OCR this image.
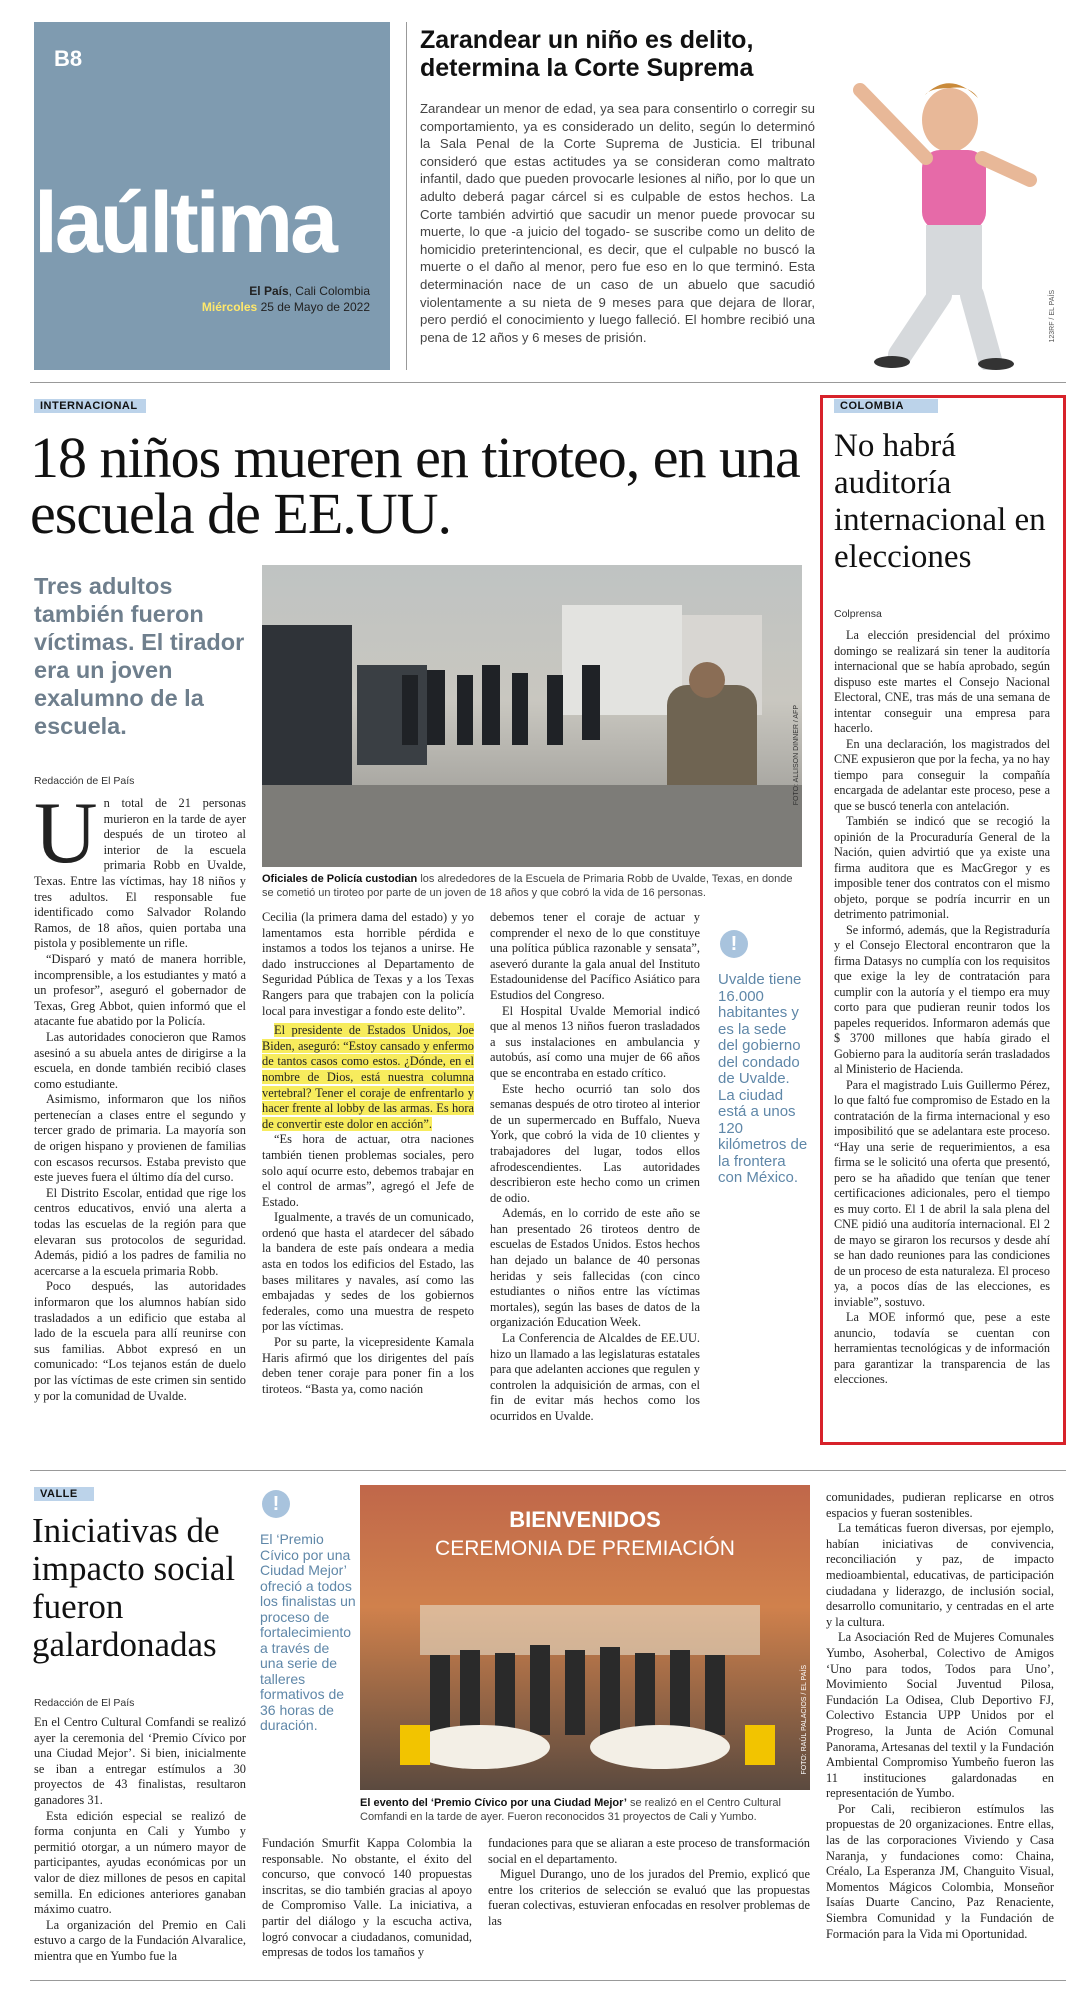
B8
laúltima
El País, Cali Colombia
Miércoles 25 de Mayo de 2022
Zarandear un niño es delito, determina la Corte Suprema
Zarandear un menor de edad, ya sea para consentirlo o corregir su comportamiento, ya es considerado un delito, según lo determinó la Sala Penal de la Corte Suprema de Justicia. El tribunal consideró que estas actitudes ya se consideran como maltrato infantil, dado que pueden provocarle lesiones al niño, por lo que un adulto deberá pagar cárcel si es culpable de estos hechos. La Corte también advirtió que sacudir un menor puede provocar su muerte, lo que -a juicio del togado- se suscribe como un delito de homicidio preterintencional, es decir, que el culpable no buscó la muerte o el daño al menor, pero fue eso en lo que terminó. Esta determinación nace de un caso de un abuelo que sacudió violentamente a su nieta de 9 meses para que dejara de llorar, pero perdió el conocimiento y luego falleció. El hombre recibió una pena de 12 años y 6 meses de prisión.	123RF / EL PAÍS
INTERNACIONAL
18 niños mueren en tiroteo, en una escuela de EE.UU.
Tres adultos también fueron víctimas. El tirador era un joven exalumno de la escuela.
Redacción de El País	FOTO: ALLISON DINNER / AFP
Oficiales de Policía custodian los alrededores de la Escuela de Primaria Robb de Uvalde, Texas, en donde se cometió un tiroteo por parte de un joven de 18 años y que cobró la vida de 16 personas.
U n total de 21 personas murieron en la tarde de ayer después de un tiroteo al interior de la escuela primaria Robb en Uvalde, Texas. Entre las víctimas, hay 18 niños y tres adultos. El responsable fue identificado como Salvador Rolando Ramos, de 18 años, quien portaba una pistola y posiblemente un rifle.

“Disparó y mató de manera horrible, incomprensible, a los estudiantes y mató a un profesor”, aseguró el gobernador de Texas, Greg Abbot, quien informó que el atacante fue abatido por la Policía.

Las autoridades conocieron que Ramos asesinó a su abuela antes de dirigirse a la escuela, en donde también recibió clases como estudiante.

Asimismo, informaron que los niños pertenecían a clases entre el segundo y tercer grado de primaria. La mayoría son de origen hispano y provienen de familias con escasos recursos. Estaba previsto que este jueves fuera el último día del curso.

El Distrito Escolar, entidad que rige los centros educativos, envió una alerta a todas las escuelas de la región para que elevaran sus protocolos de seguridad. Además, pidió a los padres de familia no acercarse a la escuela primaria Robb.

Poco después, las autoridades informaron que los alumnos habían sido trasladados a un edificio que estaba al lado de la escuela para allí reunirse con sus familias. Abbot expresó en un comunicado: “Los tejanos están de duelo por las víctimas de este crimen sin sentido y por la comunidad de Uvalde.

Cecilia (la primera dama del estado) y yo lamentamos esta horrible pérdida e instamos a todos los tejanos a unirse. He dado instrucciones al Departamento de Seguridad Pública de Texas y a los Texas Rangers para que trabajen con la policía local para investigar a fondo este delito”.

El presidente de Estados Unidos, Joe Biden, aseguró: “Estoy cansado y enfermo de tantos casos como estos. ¿Dónde, en el nombre de Dios, está nuestra columna vertebral? Tener el coraje de enfrentarlo y hacer frente al lobby de las armas. Es hora de convertir este dolor en acción”.

“Es hora de actuar, otra naciones también tienen problemas sociales, pero solo aquí ocurre esto, debemos trabajar en el control de armas”, agregó el Jefe de Estado.

Igualmente, a través de un comunicado, ordenó que hasta el atardecer del sábado la bandera de este país ondeara a media asta en todos los edificios del Estado, las bases militares y navales, así como las embajadas y sedes de los gobiernos federales, como una muestra de respeto por las víctimas.

Por su parte, la vicepresidente Kamala Haris afirmó que los dirigentes del país deben tener coraje para poner fin a los tiroteos. “Basta ya, como nación

debemos tener el coraje de actuar y comprender el nexo de lo que constituye una política pública razonable y sensata”, aseveró durante la gala anual del Instituto Estadounidense del Pacífico Asiático para Estudios del Congreso.

El Hospital Uvalde Memorial indicó que al menos 13 niños fueron trasladados a sus instalaciones en ambulancia y autobús, así como una mujer de 66 años que se encontraba en estado crítico.

Este hecho ocurrió tan solo dos semanas después de otro tiroteo al interior de un supermercado en Buffalo, Nueva York, que cobró la vida de 10 clientes y trabajadores del lugar, todos ellos afrodescendientes. Las autoridades describieron este hecho como un crimen de odio.

Además, en lo corrido de este año se han presentado 26 tiroteos dentro de escuelas de Estados Unidos. Estos hechos han dejado un balance de 40 personas heridas y seis fallecidas (con cinco estudiantes o niños entre las víctimas mortales), según las bases de datos de la organización Education Week.

La Conferencia de Alcaldes de EE.UU. hizo un llamado a las legislaturas estatales para que adelanten acciones que regulen y controlen la adquisición de armas, con el fin de evitar más hechos como los ocurridos en Uvalde.

!
Uvalde tiene 16.000 habitantes y es la sede del gobierno del condado de Uvalde. La ciudad está a unos 120 kilómetros de la frontera con México.
COLOMBIA
No habrá auditoría internacional en elecciones
Colprensa

La elección presidencial del próximo domingo se realizará sin tener la auditoría internacional que se había aprobado, según dispuso este martes el Consejo Nacional Electoral, CNE, tras más de una semana de intentar conseguir una empresa para hacerlo.

En una declaración, los magistrados del CNE expusieron que por la fecha, ya no hay tiempo para conseguir la compañía encargada de adelantar este proceso, pese a que se buscó tenerla con antelación.

También se indicó que se recogió la opinión de la Procuraduría General de la Nación, quien advirtió que ya existe una firma auditora que es MacGregor y es imposible tener dos contratos con el mismo objeto, porque se podría incurrir en un detrimento patrimonial.

Se informó, además, que la Registraduría y el Consejo Electoral encontraron que la firma Datasys no cumplía con los requisitos que exige la ley de contratación para cumplir con la autoría y el tiempo era muy corto para que pudieran reunir todos los papeles requeridos. Informaron además que $ 3700 millones que había girado el Gobierno para la auditoría serán trasladados al Ministerio de Hacienda.

Para el magistrado Luis Guillermo Pérez, lo que faltó fue compromiso de Estado en la contratación de la firma internacional y eso imposibilitó que se adelantara este proceso. “Hay una serie de requerimientos, a esa firma se le solicitó una oferta que presentó, pero se ha añadido que tenían que tener certificaciones adicionales, pero el tiempo es muy corto. El 1 de abril la sala plena del CNE pidió una auditoría internacional. El 2 de mayo se giraron los recursos y desde ahí se han dado reuniones para las condiciones de un proceso de esta naturaleza. El proceso ya, a pocos días de las elecciones, es inviable”, sostuvo.

La MOE informó que, pese a este anuncio, todavía se cuentan con herramientas tecnológicas y de información para garantizar la transparencia de las elecciones.

VALLE
Iniciativas de impacto social fueron galardonadas
Redacción de El País
!
El ‘Premio Cívico por una Ciudad Mejor’ ofreció a todos los finalistas un proceso de fortalecimiento a través de una serie de talleres formativos de 36 horas de duración.
BIENVENIDOS
CEREMONIA DE PREMIACIÓN
FOTO: RAÚL PALACIOS / EL PAÍS
El evento del ‘Premio Cívico por una Ciudad Mejor’ se realizó en el Centro Cultural Comfandi en la tarde de ayer. Fueron reconocidos 31 proyectos de Cali y Yumbo.

En el Centro Cultural Comfandi se realizó ayer la ceremonia del ‘Premio Cívico por una Ciudad Mejor’. Si bien, inicialmente se iban a entregar estímulos a 30 proyectos de 43 finalistas, resultaron ganadores 31.

Esta edición especial se realizó de forma conjunta en Cali y Yumbo y permitió otorgar, a un número mayor de participantes, ayudas económicas por un valor de diez millones de pesos en capital semilla. En ediciones anteriores ganaban máximo cuatro.

La organización del Premio en Cali estuvo a cargo de la Fundación Alvaralice, mientra que en Yumbo fue la

Fundación Smurfit Kappa Colombia la responsable. No obstante, el éxito del concurso, que convocó 140 propuestas inscritas, se dio también gracias al apoyo de Compromiso Valle. La iniciativa, a partir del diálogo y la escucha activa, logró convocar a ciudadanos, comunidad, empresas de todos los tamaños y

fundaciones para que se aliaran a este proceso de transformación social en el departamento.

Miguel Durango, uno de los jurados del Premio, explicó que entre los criterios de selección se evaluó que las propuestas fueran colectivas, estuvieran enfocadas en resolver problemas de las

comunidades, pudieran replicarse en otros espacios y fueran sostenibles.

La temáticas fueron diversas, por ejemplo, habían iniciativas de convivencia, reconciliación y paz, de impacto medioambiental, educativas, de participación ciudadana y liderazgo, de inclusión social, desarrollo comunitario, y centradas en el arte y la cultura.

La Asociación Red de Mujeres Comunales Yumbo, Asoherbal, Colectivo de Amigos ‘Uno para todos, Todos para Uno’, Movimiento Social Juventud Pilosa, Fundación La Odisea, Club Deportivo FJ, Colectivo Estancia UPP Unidos por el Progreso, la Junta de Ación Comunal Panorama, Artesanas del textil y la Fundación Ambiental Compromiso Yumbeño fueron las 11 instituciones galardonadas en representación de Yumbo.

Por Cali, recibieron estímulos las propuestas de 20 organizaciones. Entre ellas, las de las corporaciones Viviendo y Casa Naranja, y fundaciones como: Chaina, Créalo, La Esperanza JM, Changuito Visual, Momentos Mágicos Colombia, Monseñor Isaías Duarte Cancino, Paz Renaciente, Siembra Comunidad y la Fundación de Formación para la Vida mi Oportunidad.
